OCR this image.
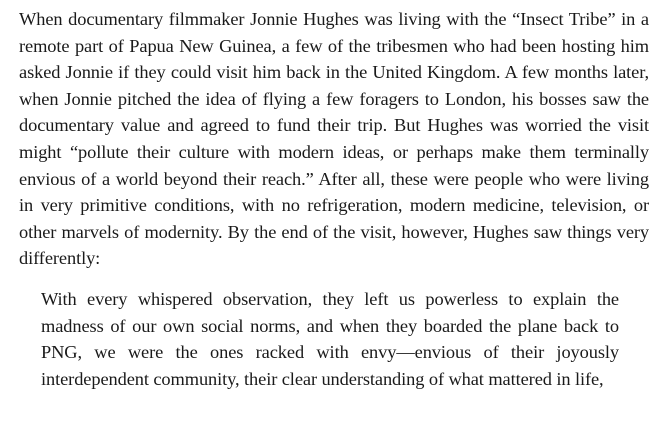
When documentary filmmaker Jonnie Hughes was living with the “Insect Tribe” in a remote part of Papua New Guinea, a few of the tribesmen who had been hosting him asked Jonnie if they could visit him back in the United Kingdom. A few months later, when Jonnie pitched the idea of flying a few foragers to London, his bosses saw the documentary value and agreed to fund their trip. But Hughes was worried the visit might “pollute their culture with modern ideas, or perhaps make them terminally envious of a world beyond their reach.” After all, these were people who were living in very primitive conditions, with no refrigeration, modern medicine, television, or other marvels of modernity. By the end of the visit, however, Hughes saw things very differently:

With every whispered observation, they left us powerless to explain the madness of our own social norms, and when they boarded the plane back to PNG, we were the ones racked with envy—envious of their joyously interdependent community, their clear understanding of what mattered in life,
